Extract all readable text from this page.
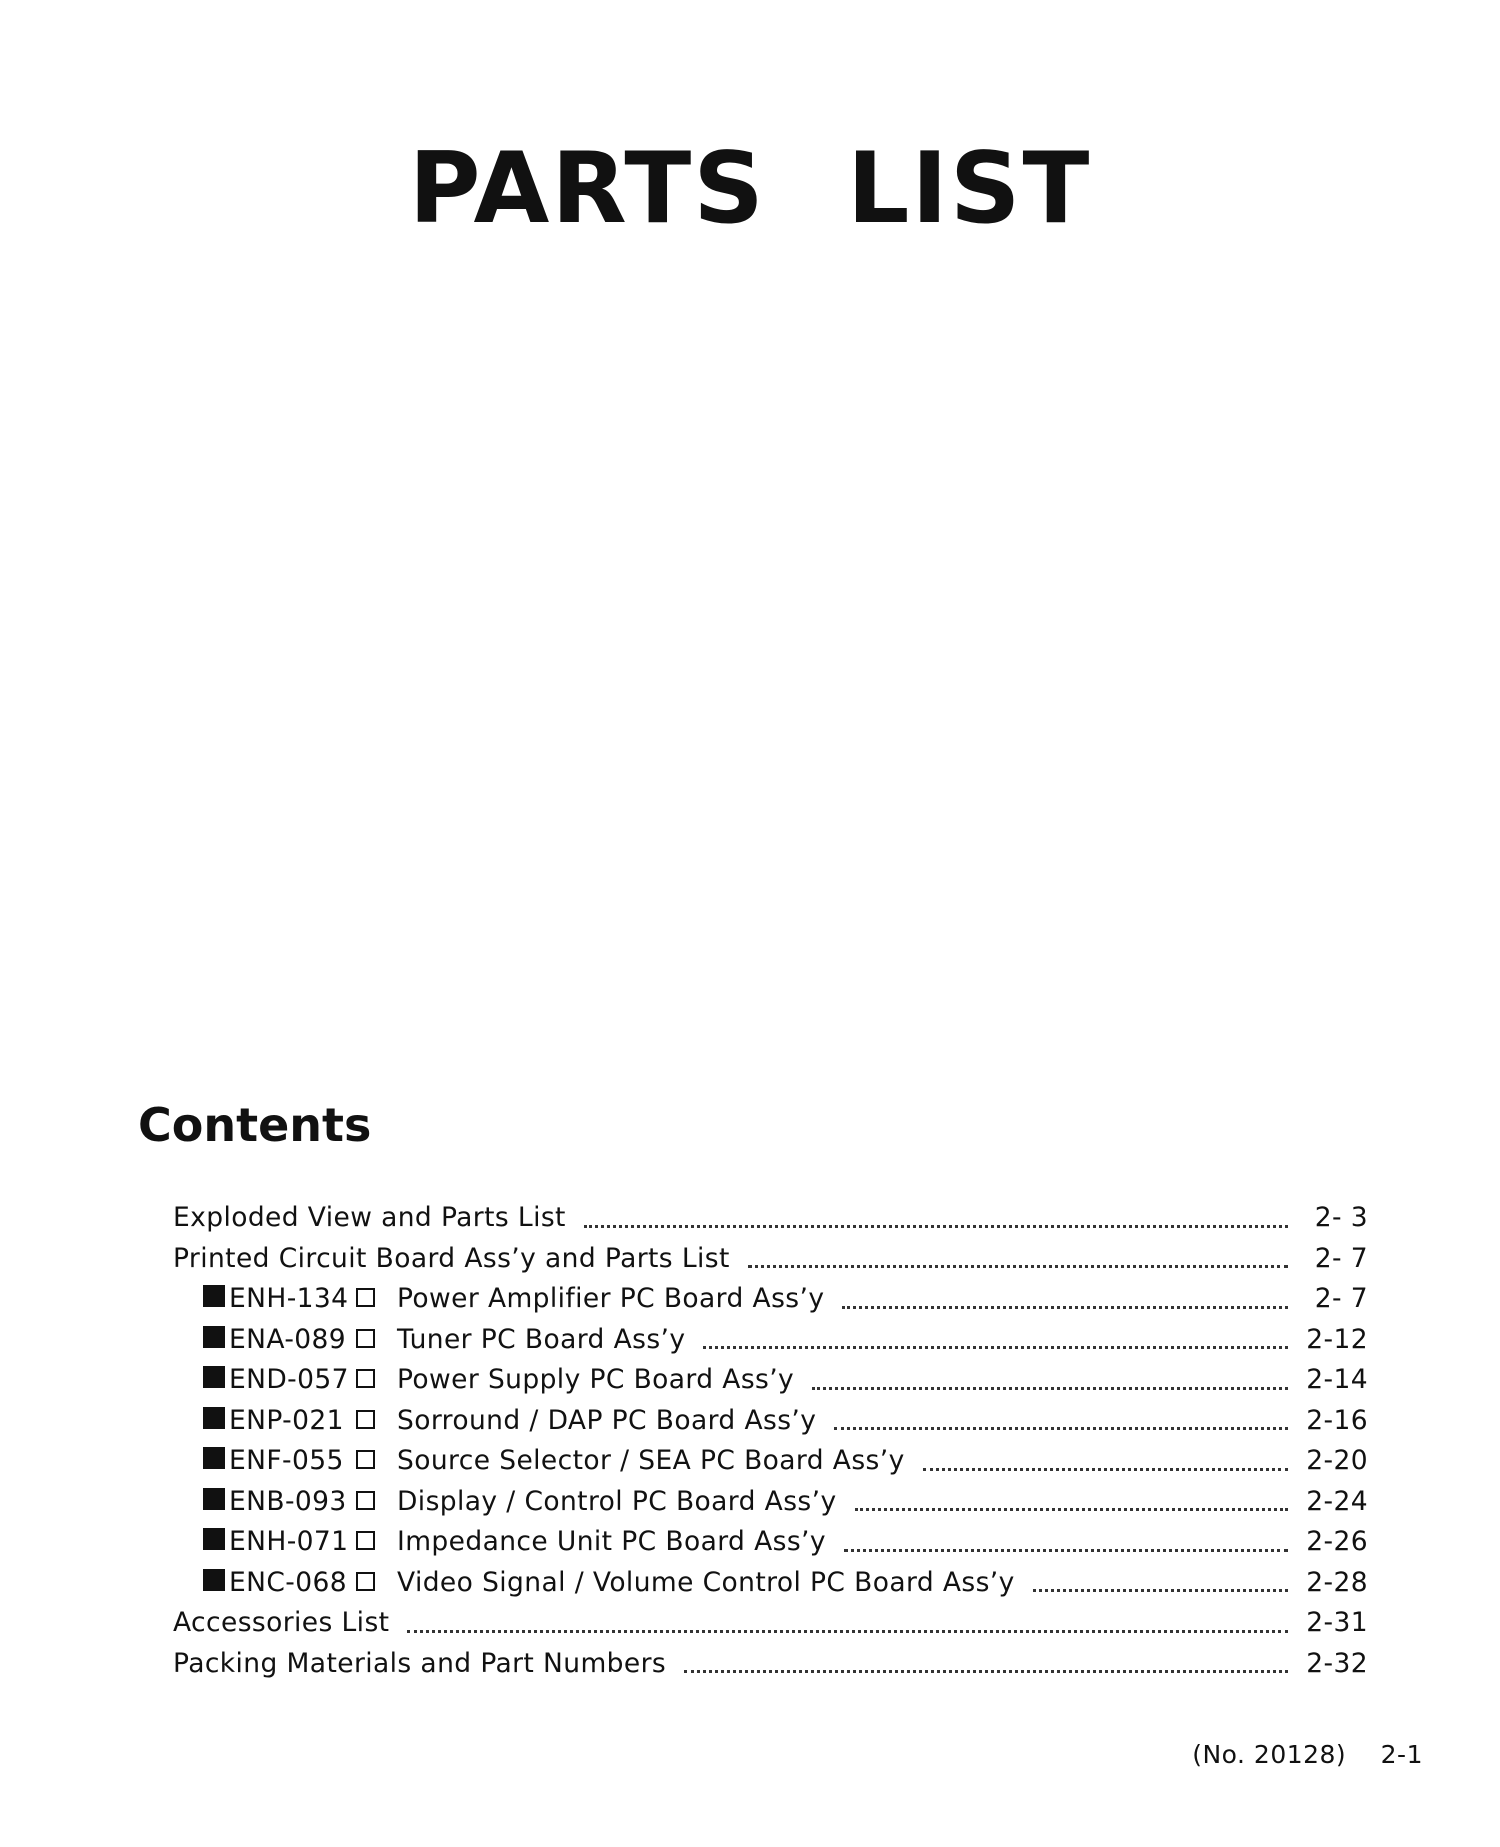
PARTS LIST
Contents
Exploded View and Parts List	2- 3
Printed Circuit Board Ass’y and Parts List	2- 7
ENH-134 Power Amplifier PC Board Ass’y	2- 7
ENA-089	Tuner PC Board Ass’y	2-12
END-057 Power Supply PC Board Ass’y	2-14
ENP-021	Sorround / DAP PC Board Ass’y	2-16
ENF-055	Source Selector / SEA PC Board Ass’y	2-20
ENB-093	Display / Control PC Board Ass’y	2-24
ENH-071 Impedance Unit PC Board Ass’y	2-26
ENC-068	Video Signal / Volume Control PC Board Ass’y	2-28
Accessories List	2-31
Packing Materials and Part Numbers	2-32
(No. 20128) 2-1
